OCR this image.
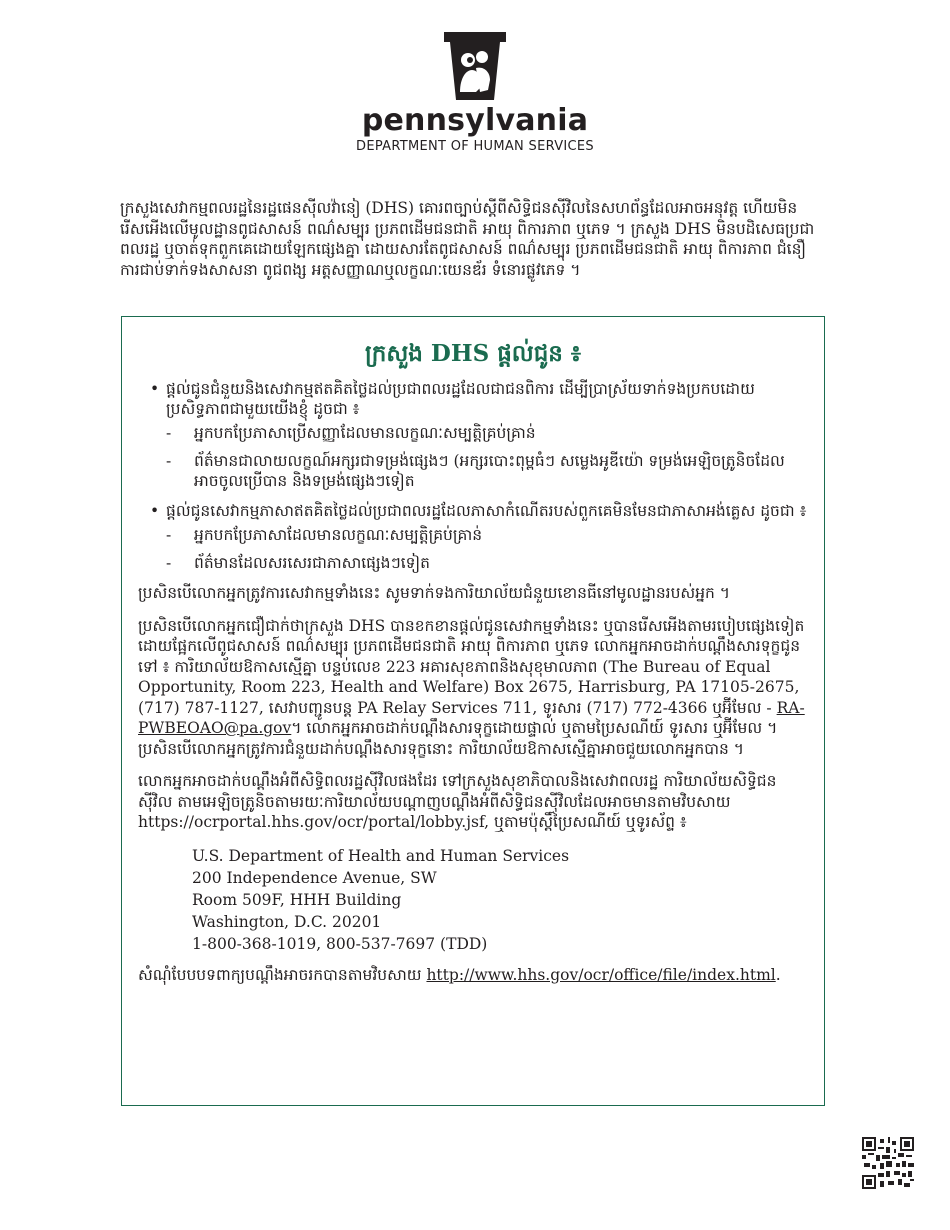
pennsylvania
DEPARTMENT OF HUMAN SERVICES

ក្រសួងសេវាកម្មពលរដ្ឋនៃរដ្ឋផេនស៊ីលវ៉ានៀ (DHS) គោរពច្បាប់ស្តីពីសិទ្ធិជនស៊ីវិលនៃសហព័ន្ធដែលអាចអនុវត្ត ហើយមិនរើសអើងលើមូលដ្ឋានពូជសាសន៍ ពណ៌សម្បុរ ប្រភពដើមជនជាតិ អាយុ ពិការភាព ឬភេទ ។ ក្រសួង DHS មិនបដិសេធប្រជាពលរដ្ឋ ឬចាត់ទុកពួកគេដោយឡែកផ្សេងគ្នា ដោយសារតែពូជសាសន៍ ពណ៌សម្បុរ ប្រភពដើមជនជាតិ អាយុ ពិការភាព ជំនឿ ការជាប់ទាក់ទងសាសនា ពូជពង្ស អត្តសញ្ញាណឬលក្ខណៈយេនឌ័រ ទំនោរផ្លូវភេទ ។

ក្រសួង DHS ផ្តល់ជូន ៖
• ផ្តល់ជូនជំនួយនិងសេវាកម្មឥតគិតថ្លៃដល់ប្រជាពលរដ្ឋដែលជាជនពិការ ដើម្បីប្រាស្រ័យទាក់ទងប្រកបដោយប្រសិទ្ធភាពជាមួយយើងខ្ញុំ ដូចជា ៖
- អ្នកបកប្រែភាសាប្រើសញ្ញាដែលមានលក្ខណៈសម្បត្តិគ្រប់គ្រាន់
- ព័ត៌មានជាលាយលក្ខណ៍អក្សរជាទម្រង់ផ្សេងៗ (អក្សរបោះពុម្ពធំៗ សម្លេងអូឌីយ៉ោ ទម្រង់អេឡិចត្រូនិចដែលអាចចូលប្រើបាន និងទម្រង់ផ្សេងៗទៀត
• ផ្តល់ជូនសេវាកម្មភាសាឥតគិតថ្លៃដល់ប្រជាពលរដ្ឋដែលភាសាកំណើតរបស់ពួកគេមិនមែនជាភាសាអង់គ្លេស ដូចជា ៖
- អ្នកបកប្រែភាសាដែលមានលក្ខណៈសម្បត្តិគ្រប់គ្រាន់
- ព័ត៌មានដែលសរសេរជាភាសាផ្សេងៗទៀត

ប្រសិនបើលោកអ្នកត្រូវការសេវាកម្មទាំងនេះ សូមទាក់ទងការិយាល័យជំនួយខោនធីនៅមូលដ្ឋានរបស់អ្នក ។

ប្រសិនបើលោកអ្នកជឿជាក់ថាក្រសួង DHS បានខកខានផ្តល់ជូនសេវាកម្មទាំងនេះ ឬបានរើសអើងតាមរបៀបផ្សេងទៀតដោយផ្អែកលើពូជសាសន៍ ពណ៌សម្បុរ ប្រភពដើមជនជាតិ អាយុ ពិការភាព ឬភេទ លោកអ្នកអាចដាក់បណ្តឹងសារទុក្ខជូនទៅ ៖ ការិយាល័យឱកាសស្មើគ្នា បន្ទប់លេខ 223 អគារសុខភាពនិងសុខុមាលភាព (The Bureau of Equal Opportunity, Room 223, Health and Welfare) Box 2675, Harrisburg, PA 17105-2675, (717) 787-1127, សេវាបញ្ជូនបន្ត PA Relay Services 711, ទូរសារ (717) 772-4366 ឬអ៊ីមែល - RA-PWBEOAO@pa.gov។ លោកអ្នកអាចដាក់បណ្តឹងសារទុក្ខដោយផ្ទាល់ ឬតាមប្រៃសណីយ៍ ទូរសារ ឬអ៊ីមែល ។ ប្រសិនបើលោកអ្នកត្រូវការជំនួយដាក់បណ្តឹងសារទុក្ខនោះ ការិយាល័យឱកាសស្មើគ្នាអាចជួយលោកអ្នកបាន ។

លោកអ្នកអាចដាក់បណ្តឹងអំពីសិទ្ធិពលរដ្ឋស៊ីវិលផងដែរ ទៅក្រសួងសុខាភិបាលនិងសេវាពលរដ្ឋ ការិយាល័យសិទ្ធិជនស៊ីវិល តាមអេឡិចត្រូនិចតាមរយៈការិយាល័យបណ្តាញបណ្តឹងអំពីសិទ្ធិជនស៊ីវិលដែលអាចមានតាមវិបសាយ https://ocrportal.hhs.gov/ocr/portal/lobby.jsf, ឬតាមប៉ុស្តិ៍ប្រៃសណីយ៍ ឬទូរស័ព្ទ ៖

U.S. Department of Health and Human Services
200 Independence Avenue, SW
Room 509F, HHH Building
Washington, D.C. 20201
1-800-368-1019, 800-537-7697 (TDD)

សំណុំបែបបទពាក្យបណ្តឹងអាចរកបានតាមវិបសាយ http://www.hhs.gov/ocr/office/file/index.html.
